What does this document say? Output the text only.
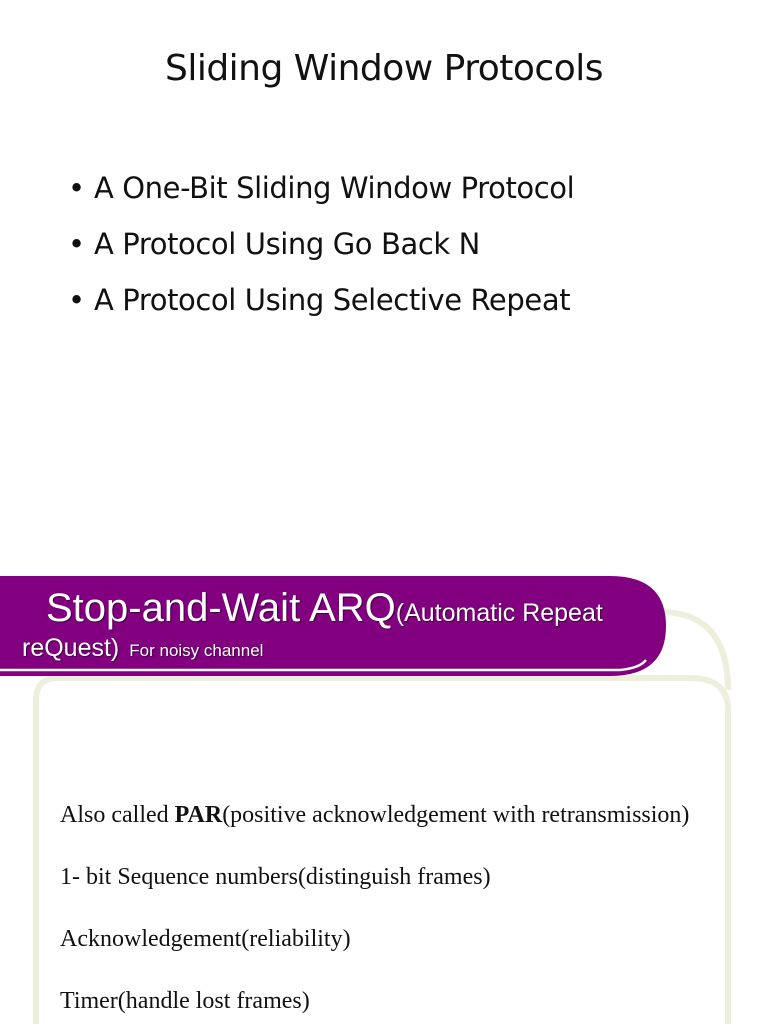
Sliding Window Protocols
• A One-Bit Sliding Window Protocol
• A Protocol Using Go Back N
• A Protocol Using Selective Repeat
Stop-and-Wait ARQ(Automatic Repeat
reQuest) For noisy channel
Also called PAR(positive acknowledgement with retransmission)
1- bit Sequence numbers(distinguish frames)
Acknowledgement(reliability)
Timer(handle lost frames)
